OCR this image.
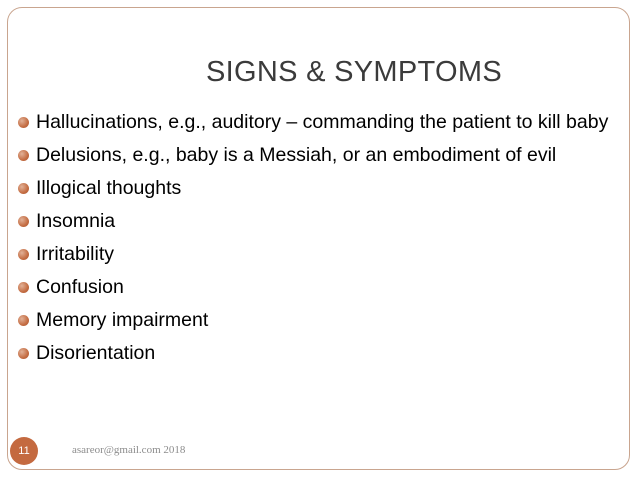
SIGNS & SYMPTOMS
Hallucinations, e.g., auditory – commanding the patient to kill baby
Delusions, e.g., baby is a Messiah, or an embodiment of evil
Illogical thoughts
Insomnia
Irritability
Confusion
Memory impairment
Disorientation
asareor@gmail.com 2018
11
